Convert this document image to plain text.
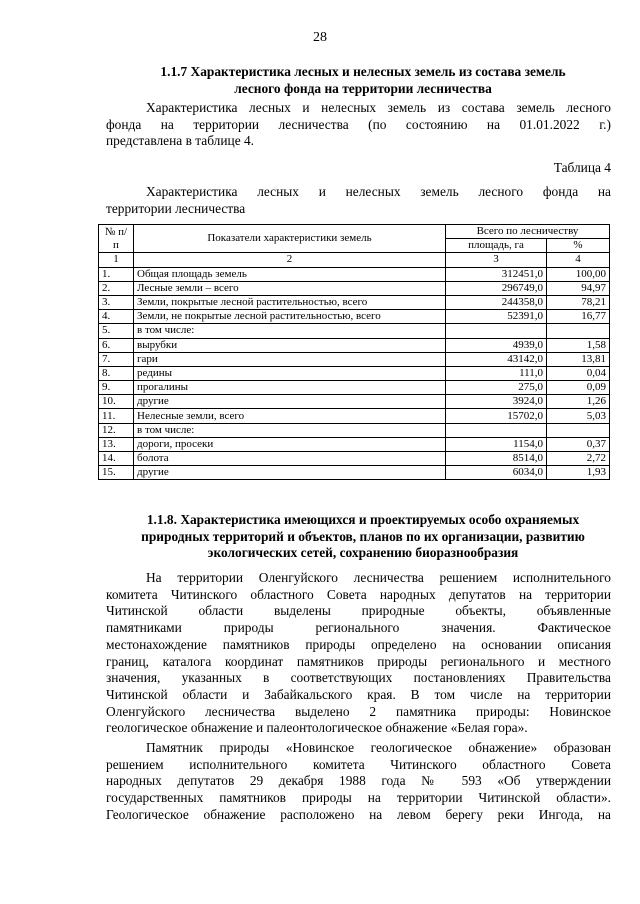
28
1.1.7 Характеристика лесных и нелесных земель из состава земель
лесного фонда на территории лесничества
Характеристика лесных и нелесных земель из состава земель лесного
фонда на территории лесничества (по состоянию на 01.01.2022 г.)
представлена в таблице 4.
Таблица 4
Характеристика лесных и нелесных земель лесного фонда на
территории лесничества
№ п/п	Показатели характеристики земель	Всего по лесничеству	
		площадь, га	%
1	2	3	4
1.	Общая площадь земель	312451,0	100,00
2.	Лесные земли – всего	296749,0	94,97
3.	Земли, покрытые лесной растительностью, всего	244358,0	78,21
4.	Земли, не покрытые лесной растительностью, всего	52391,0	16,77
5.	в том числе:		
6.	вырубки	4939,0	1,58
7.	гари	43142,0	13,81
8.	редины	111,0	0,04
9.	прогалины	275,0	0,09
10.	другие	3924,0	1,26
11.	Нелесные земли, всего	15702,0	5,03
12.	в том числе:		
13.	дороги, просеки	1154,0	0,37
14.	болота	8514,0	2,72
15.	другие	6034,0	1,93
1.1.8. Характеристика имеющихся и проектируемых особо охраняемых
природных территорий и объектов, планов по их организации, развитию
экологических сетей, сохранению биоразнообразия
На территории Оленгуйского лесничества решением исполнительного
комитета Читинского областного Совета народных депутатов на территории
Читинской области выделены природные объекты, объявленные
памятниками природы регионального значения. Фактическое
местонахождение памятников природы определено на основании описания
границ, каталога координат памятников природы регионального и местного
значения, указанных в соответствующих постановлениях Правительства
Читинской области и Забайкальского края. В том числе на территории
Оленгуйского лесничества выделено 2 памятника природы: Новинское
геологическое обнажение и палеонтологическое обнажение «Белая гора».
Памятник природы «Новинское геологическое обнажение» образован
решением исполнительного комитета Читинского областного Совета
народных депутатов 29 декабря 1988 года № 593 «Об утверждении
государственных памятников природы на территории Читинской области».
Геологическое обнажение расположено на левом берегу реки Ингода, на
